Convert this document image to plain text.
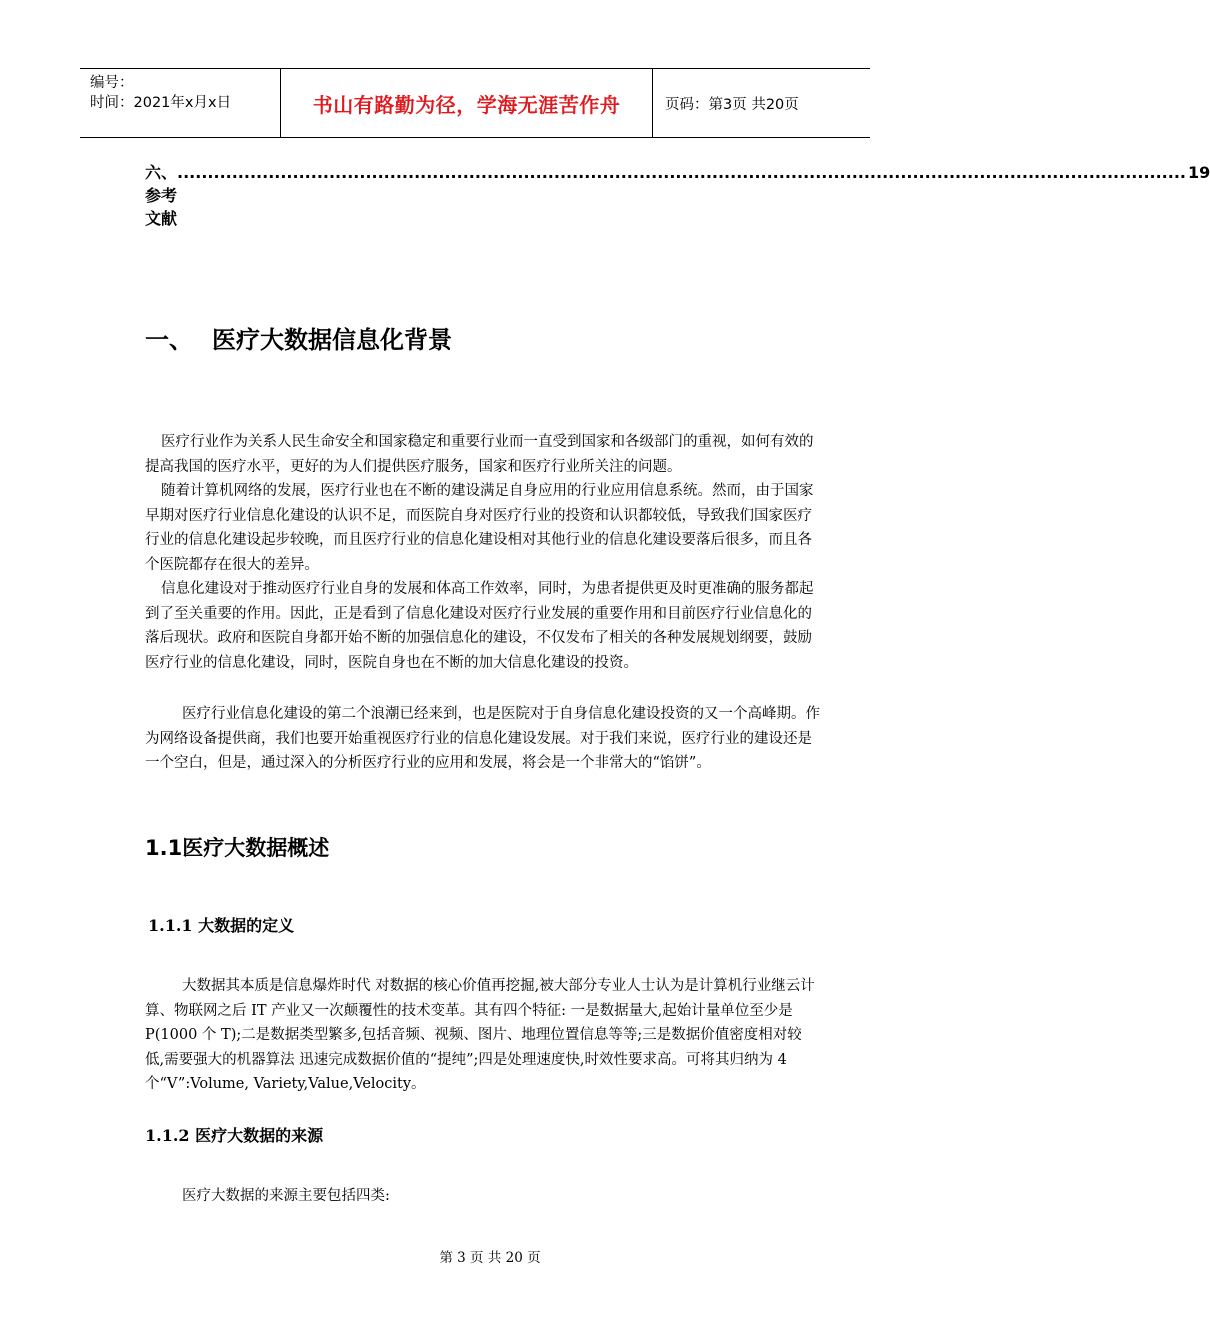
编号：
时间：2021年x月x日	书山有路勤为径，学海无涯苦作舟	页码：第3页 共20页
六、参考文献
...................................................................................................................................................................... 19
一、 医疗大数据信息化背景

医疗行业作为关系人民生命安全和国家稳定和重要行业而一直受到国家和各级部门的重视，如何有效的提高我国的医疗水平，更好的为人们提供医疗服务，国家和医疗行业所关注的问题。

随着计算机网络的发展，医疗行业也在不断的建设满足自身应用的行业应用信息系统。然而，由于国家早期对医疗行业信息化建设的认识不足，而医院自身对医疗行业的投资和认识都较低，导致我们国家医疗行业的信息化建设起步较晚，而且医疗行业的信息化建设相对其他行业的信息化建设要落后很多，而且各个医院都存在很大的差异。

信息化建设对于推动医疗行业自身的发展和体高工作效率，同时，为患者提供更及时更准确的服务都起到了至关重要的作用。因此，正是看到了信息化建设对医疗行业发展的重要作用和目前医疗行业信息化的落后现状。政府和医院自身都开始不断的加强信息化的建设，不仅发布了相关的各种发展规划纲要，鼓励医疗行业的信息化建设，同时，医院自身也在不断的加大信息化建设的投资。

医疗行业信息化建设的第二个浪潮已经来到，也是医院对于自身信息化建设投资的又一个高峰期。作为网络设备提供商，我们也要开始重视医疗行业的信息化建设发展。对于我们来说，医疗行业的建设还是一个空白，但是，通过深入的分析医疗行业的应用和发展，将会是一个非常大的“馅饼”。

1.1医疗大数据概述
1.1.1 大数据的定义

大数据其本质是信息爆炸时代 对数据的核心价值再挖掘,被大部分专业人士认为是计算机行业继云计算、物联网之后 IT 产业又一次颠覆性的技术变革。其有四个特征: 一是数据量大,起始计量单位至少是 P(1000 个 T);二是数据类型繁多,包括音频、视频、图片、地理位置信息等等;三是数据价值密度相对较低,需要强大的机器算法 迅速完成数据价值的“提纯”;四是处理速度快,时效性要求高。可将其归纳为 4 个“V”:Volume, Variety,Value,Velocity。

1.1.2 医疗大数据的来源

医疗大数据的来源主要包括四类:

第 3 页 共 20 页
